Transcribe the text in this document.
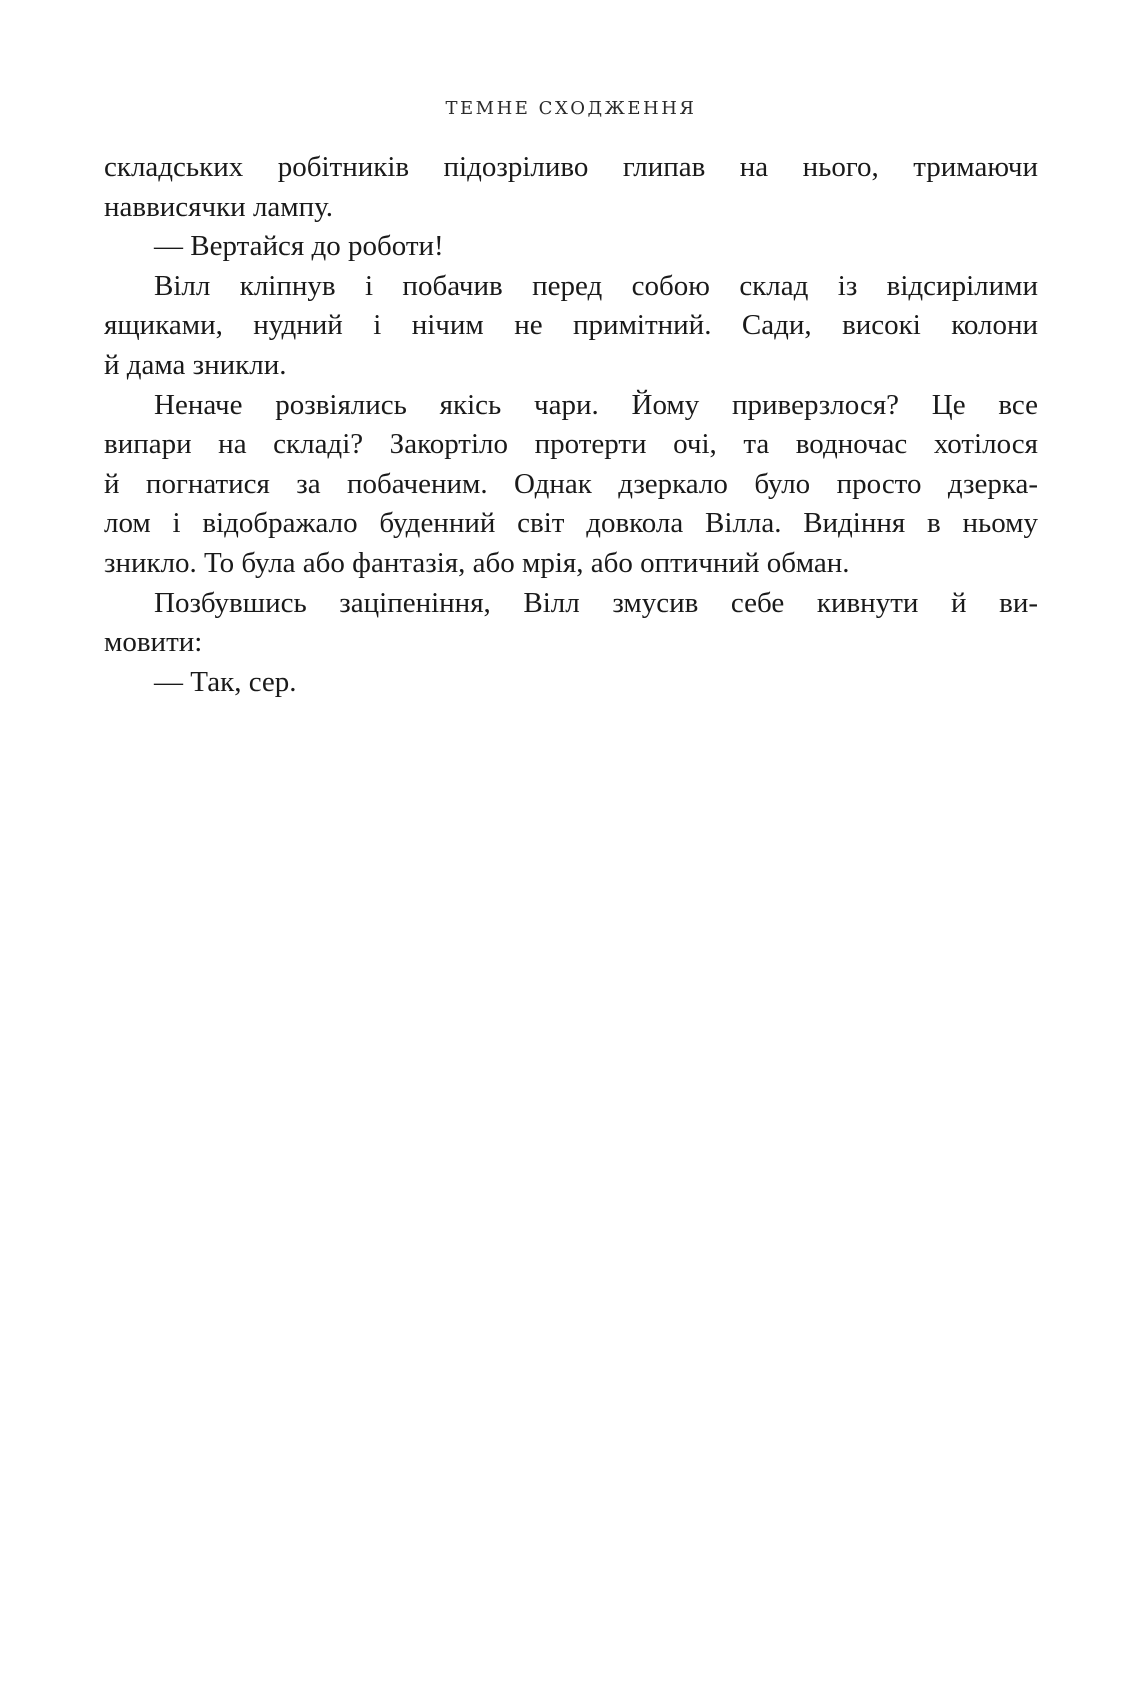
ТЕМНЕ СХОДЖЕННЯ
складських робітників підозріливо глипав на нього, тримаючи
наввисячки лампу.
— Вертайся до роботи!
Вілл кліпнув і побачив перед собою склад із відсирілими
ящиками, нудний і нічим не примітний. Сади, високі колони
й дама зникли.
Неначе розвіялись якісь чари. Йому приверзлося? Це все
випари на складі? Закортіло протерти очі, та водночас хотілося
й погнатися за побаченим. Однак дзеркало було просто дзерка-
лом і відображало буденний світ довкола Вілла. Видіння в ньому
зникло. То була або фантазія, або мрія, або оптичний обман.
Позбувшись заціпеніння, Вілл змусив себе кивнути й ви-
мовити:
— Так, сер.
